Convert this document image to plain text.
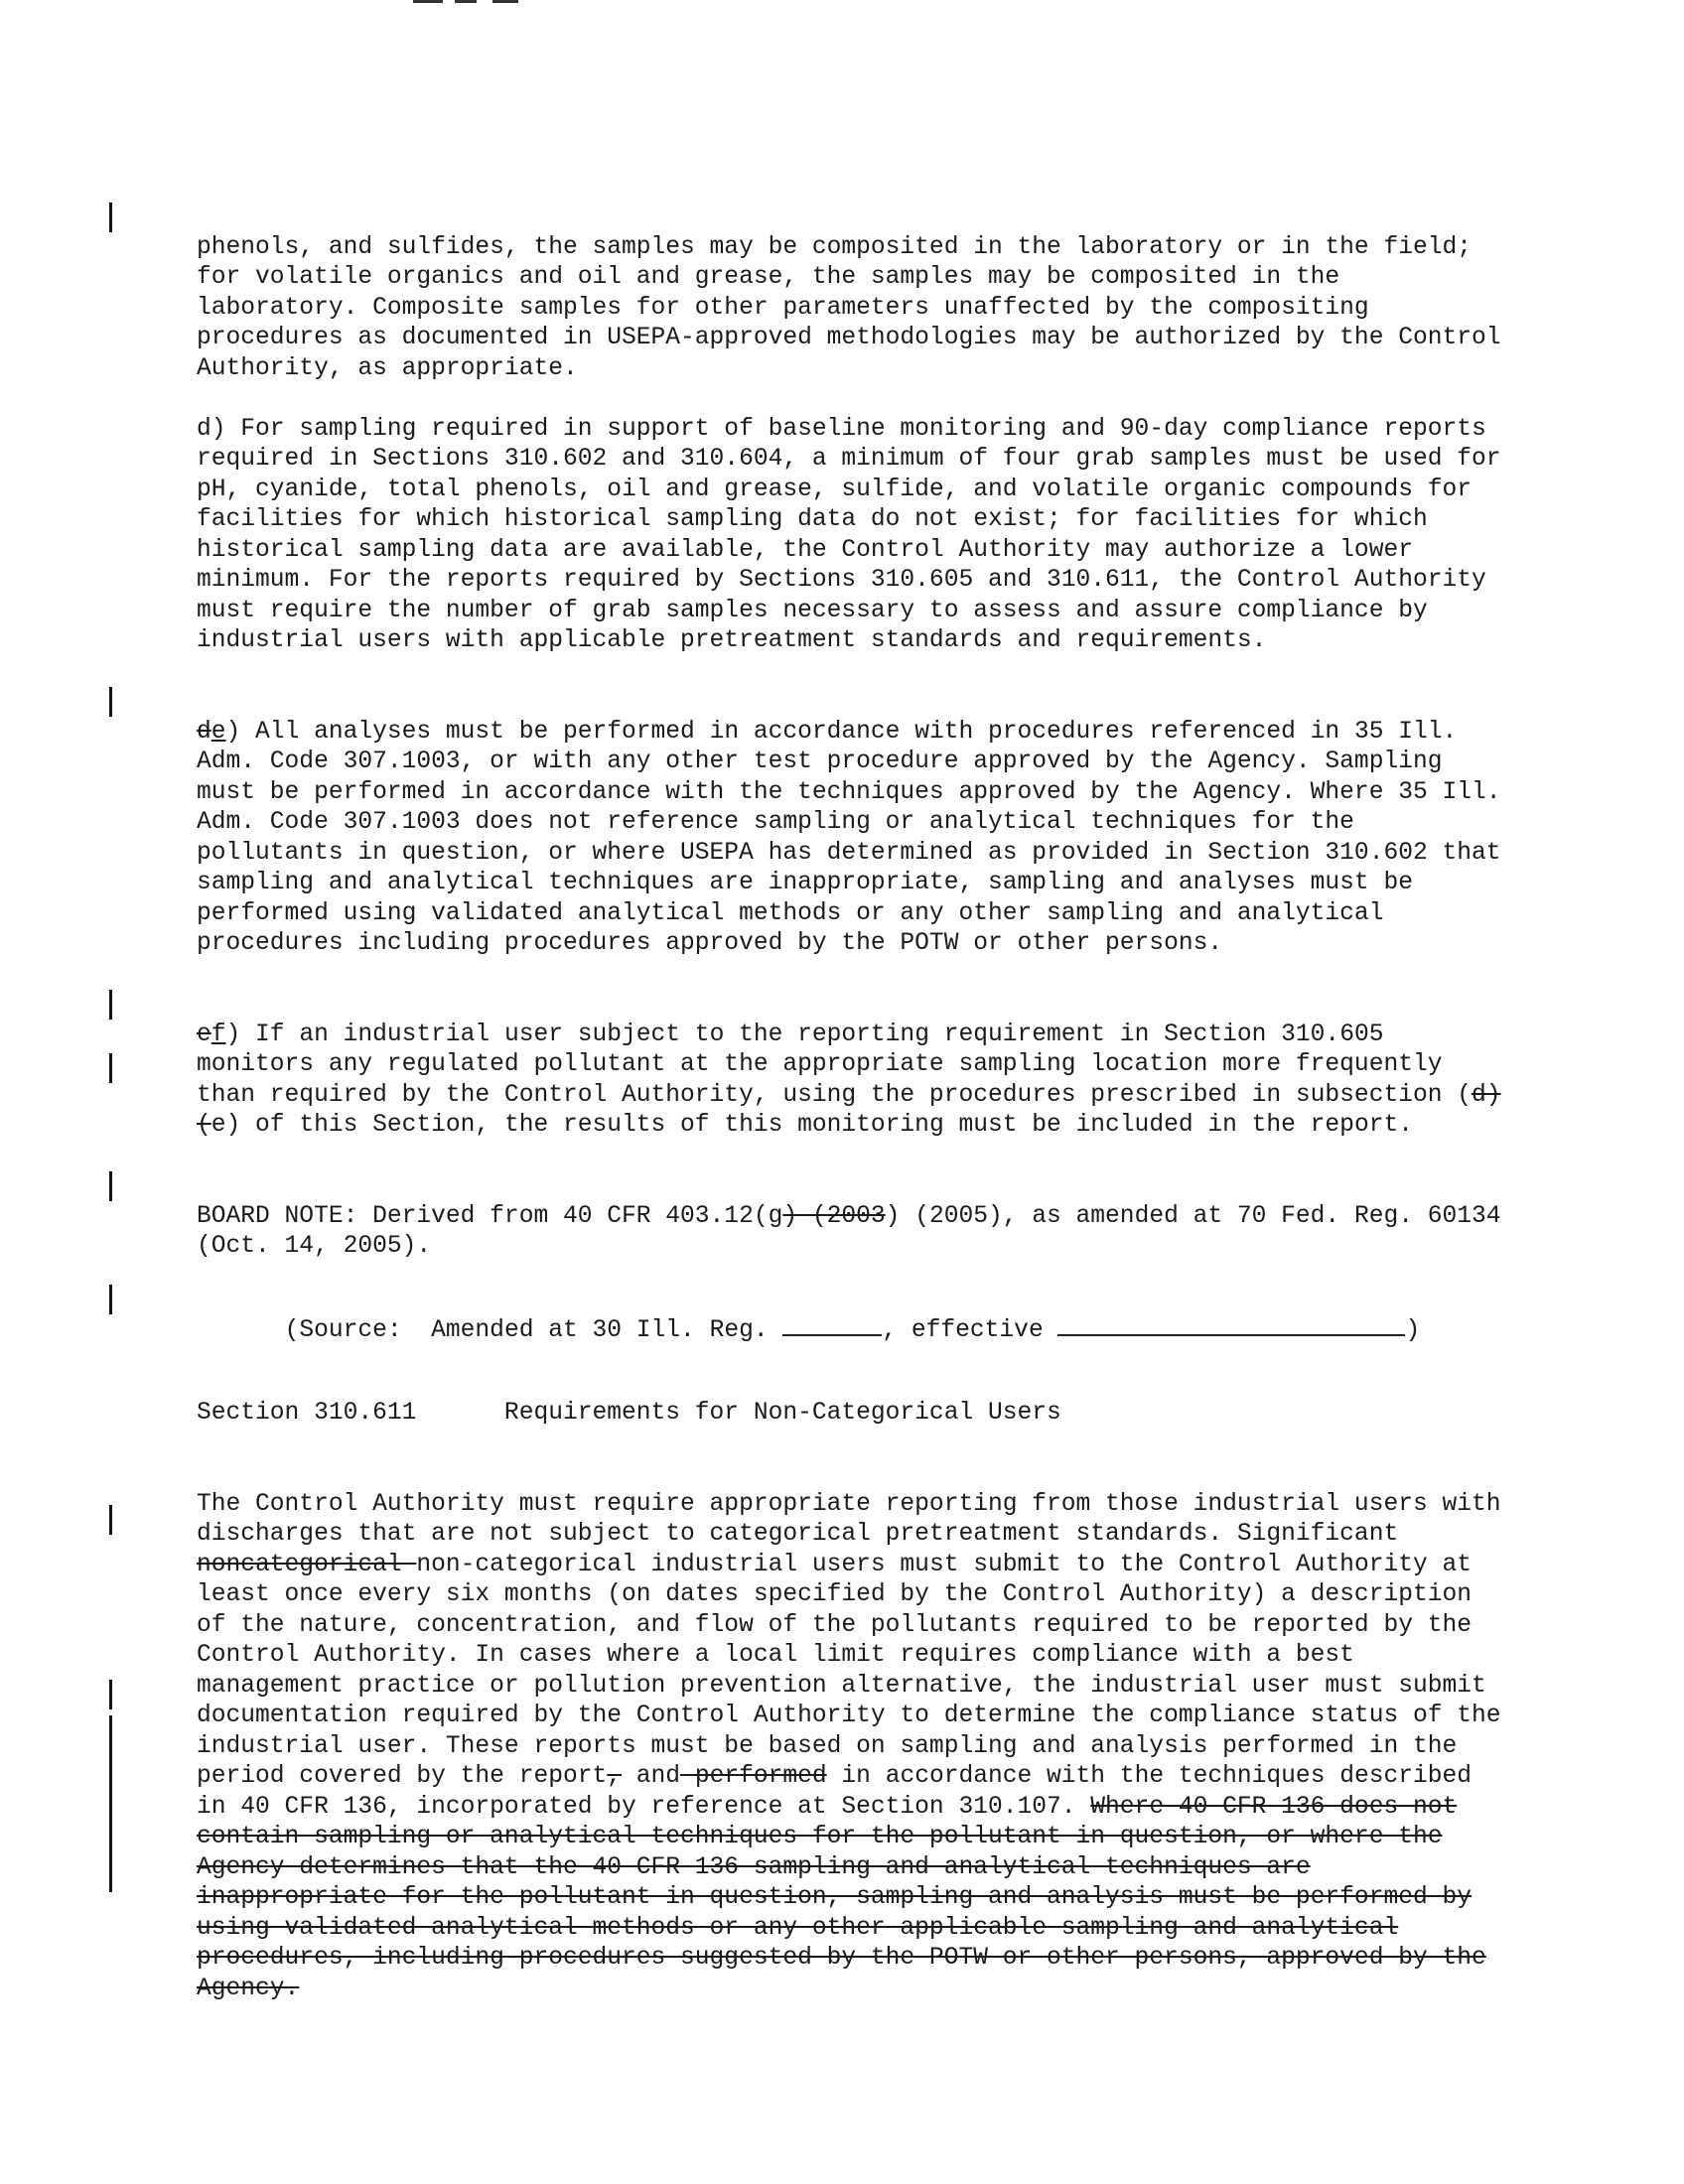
phenols, and sulfides, the samples may be composited in the laboratory or in the field; for volatile organics and oil and grease, the samples may be composited in the laboratory. Composite samples for other parameters unaffected by the compositing procedures as documented in USEPA-approved methodologies may be authorized by the Control Authority, as appropriate.

d) For sampling required in support of baseline monitoring and 90-day compliance reports required in Sections 310.602 and 310.604, a minimum of four grab samples must be used for pH, cyanide, total phenols, oil and grease, sulfide, and volatile organic compounds for facilities for which historical sampling data do not exist; for facilities for which historical sampling data are available, the Control Authority may authorize a lower minimum. For the reports required by Sections 310.605 and 310.611, the Control Authority must require the number of grab samples necessary to assess and assure compliance by industrial users with applicable pretreatment standards and requirements.

de) All analyses must be performed in accordance with procedures referenced in 35 Ill. Adm. Code 307.1003, or with any other test procedure approved by the Agency. Sampling must be performed in accordance with the techniques approved by the Agency. Where 35 Ill. Adm. Code 307.1003 does not reference sampling or analytical techniques for the pollutants in question, or where USEPA has determined as provided in Section 310.602 that sampling and analytical techniques are inappropriate, sampling and analyses must be performed using validated analytical methods or any other sampling and analytical procedures including procedures approved by the POTW or other persons.

ef) If an industrial user subject to the reporting requirement in Section 310.605 monitors any regulated pollutant at the appropriate sampling location more frequently than required by the Control Authority, using the procedures prescribed in subsection (d) (e) of this Section, the results of this monitoring must be included in the report.

BOARD NOTE: Derived from 40 CFR 403.12(g) (2003) (2005), as amended at 70 Fed. Reg. 60134 (Oct. 14, 2005).

(Source:  Amended at 30 Ill. Reg.	, effective	)

Section 310.611      Requirements for Non-Categorical Users

The Control Authority must require appropriate reporting from those industrial users with discharges that are not subject to categorical pretreatment standards. Significant noncategorical non-categorical industrial users must submit to the Control Authority at least once every six months (on dates specified by the Control Authority) a description of the nature, concentration, and flow of the pollutants required to be reported by the Control Authority. In cases where a local limit requires compliance with a best management practice or pollution prevention alternative, the industrial user must submit documentation required by the Control Authority to determine the compliance status of the industrial user. These reports must be based on sampling and analysis performed in the period covered by the report, and performed in accordance with the techniques described in 40 CFR 136, incorporated by reference at Section 310.107. Where 40 CFR 136 does not contain sampling or analytical techniques for the pollutant in question, or where the Agency determines that the 40 CFR 136 sampling and analytical techniques are inappropriate for the pollutant in question, sampling and analysis must be performed by using validated analytical methods or any other applicable sampling and analytical procedures, including procedures suggested by the POTW or other persons, approved by the Agency.
